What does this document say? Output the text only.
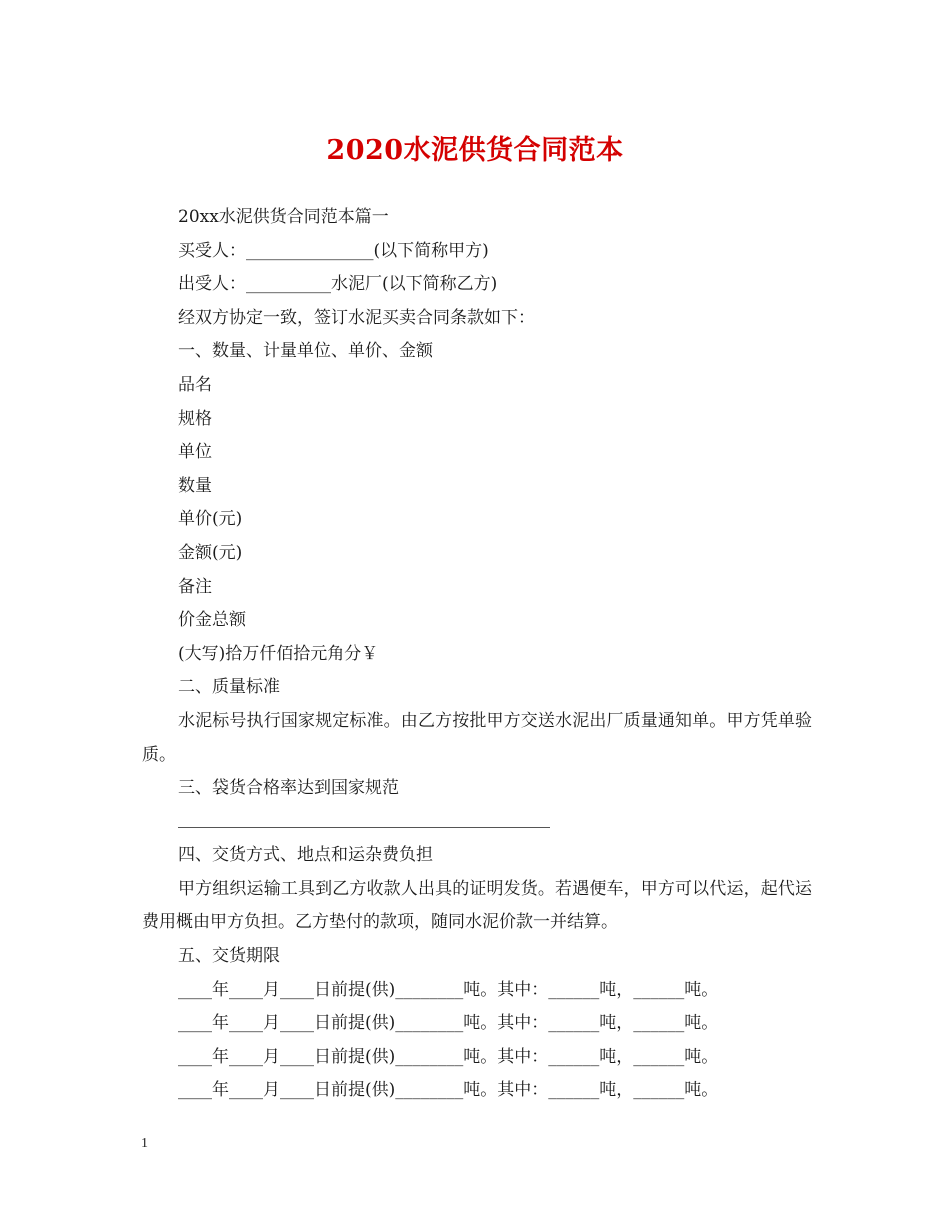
2020水泥供货合同范本

20xx水泥供货合同范本篇一

买受人：_______________(以下简称甲方)

出受人：__________水泥厂(以下简称乙方)

经双方协定一致，签订水泥买卖合同条款如下：

一、数量、计量单位、单价、金额

品名

规格

单位

数量

单价(元)

金额(元)

备注

价金总额

(大写)拾万仟佰拾元角分￥

二、质量标准

水泥标号执行国家规定标准。由乙方按批甲方交送水泥出厂质量通知单。甲方凭单验质。

三、袋货合格率达到国家规范

四、交货方式、地点和运杂费负担

甲方组织运输工具到乙方收款人出具的证明发货。若遇便车，甲方可以代运，起代运费用概由甲方负担。乙方垫付的款项，随同水泥价款一并结算。

五、交货期限

____年____月____日前提(供)________吨。其中：______吨，______吨。

____年____月____日前提(供)________吨。其中：______吨，______吨。

____年____月____日前提(供)________吨。其中：______吨，______吨。

____年____月____日前提(供)________吨。其中：______吨，______吨。

1
